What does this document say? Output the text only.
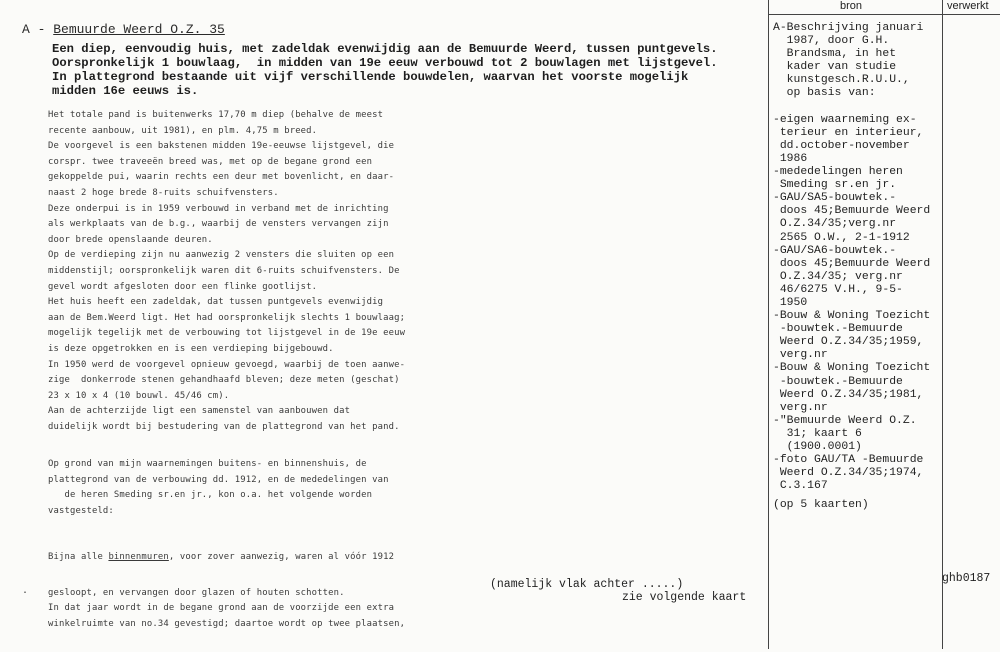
bron	verwerkt
A - Bemuurde Weerd O.Z. 35
Een diep, eenvoudig huis, met zadeldak evenwijdig aan de Bemuurde Weerd, tussen puntgevels.
Oorspronkelijk 1 bouwlaag,  in midden van 19e eeuw verbouwd tot 2 bouwlagen met lijstgevel.
In plattegrond bestaande uit vijf verschillende bouwdelen, waarvan het voorste mogelijk
midden 16e eeuws is.
Het totale pand is buitenwerks 17,70 m diep (behalve de meest
recente aanbouw, uit 1981), en plm. 4,75 m breed.
De voorgevel is een bakstenen midden 19e-eeuwse lijstgevel, die
corspr. twee traveeën breed was, met op de begane grond een
gekoppelde pui, waarin rechts een deur met bovenlicht, en daar-
naast 2 hoge brede 8-ruits schuifvensters.
Deze onderpui is in 1959 verbouwd in verband met de inrichting
als werkplaats van de b.g., waarbij de vensters vervangen zijn
door brede openslaande deuren.
Op de verdieping zijn nu aanwezig 2 vensters die sluiten op een
middenstijl; oorspronkelijk waren dit 6-ruits schuifvensters. De
gevel wordt afgesloten door een flinke gootlijst.
Het huis heeft een zadeldak, dat tussen puntgevels evenwijdig
aan de Bem.Weerd ligt. Het had oorspronkelijk slechts 1 bouwlaag;
mogelijk tegelijk met de verbouwing tot lijstgevel in de 19e eeuw
is deze opgetrokken en is een verdieping bijgebouwd.
In 1950 werd de voorgevel opnieuw gevoegd, waarbij de toen aanwe-
zige  donkerrode stenen gehandhaafd bleven; deze meten (geschat)
23 x 10 x 4 (10 bouwl. 45/46 cm).
Aan de achterzijde ligt een samenstel van aanbouwen dat
duidelijk wordt bij bestudering van de plattegrond van het pand.
Op grond van mijn waarnemingen buitens- en binnenshuis, de
plattegrond van de verbouwing dd. 1912, en de mededelingen van
de heren Smeding sr.en jr., kon o.a. het volgende worden
vastgesteld:

Bijna alle binnenmuren, voor zover aanwezig, waren al vóór 1912

gesloopt, en vervangen door glazen of houten schotten.
In dat jaar wordt in de begane grond aan de voorzijde een extra
winkelruimte van no.34 gevestigd; daartoe wordt op twee plaatsen,

.	(namelijk vlak achter .....)
zie volgende kaart
A-Beschrijving januari
1987, door G.H.
Brandsma, in het
kader van studie
kunstgesch.R.U.U.,
op basis van:

-eigen waarneming ex-
terieur en interieur,
dd.october-november
1986
-mededelingen heren
Smeding sr.en jr.
-GAU/SA5-bouwtek.-
doos 45;Bemuurde Weerd
O.Z.34/35;verg.nr
2565 O.W., 2-1-1912
-GAU/SA6-bouwtek.-
doos 45;Bemuurde Weerd
O.Z.34/35; verg.nr
46/6275 V.H., 9-5-
1950
-Bouw & Woning Toezicht
-bouwtek.-Bemuurde
Weerd O.Z.34/35;1959,
verg.nr
-Bouw & Woning Toezicht
-bouwtek.-Bemuurde
Weerd O.Z.34/35;1981,
verg.nr
-"Bemuurde Weerd O.Z.
31; kaart 6
(1900.0001)
-foto GAU/TA -Bemuurde
Weerd O.Z.34/35;1974,
C.3.167
(op 5 kaarten)
ghb0187
